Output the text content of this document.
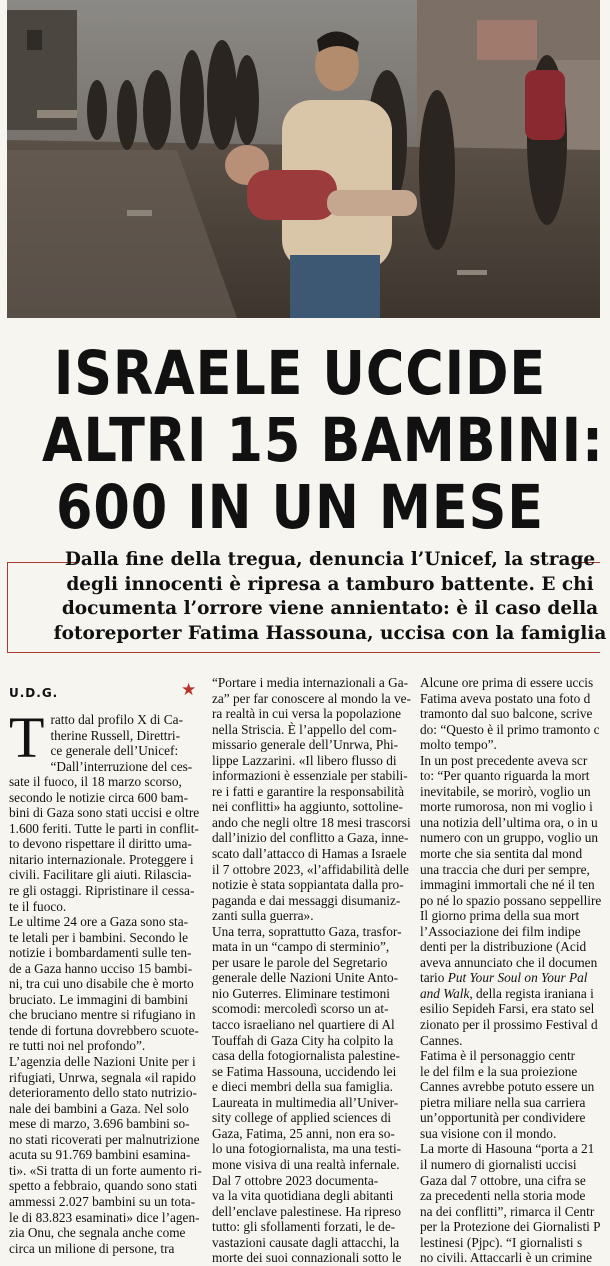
ISRAELE UCCIDE
ALTRI 15 BAMBINI:
600 IN UN MESE
Dalla fine della tregua, denuncia l’Unicef, la strage
degli innocenti è ripresa a tamburo battente. E chi
documenta l’orrore viene annientato: è il caso della
fotoreporter Fatima Hassouna, uccisa con la famiglia
U.D.G.	★
T ratto dal profilo X di Ca-
therine Russell, Direttri-
ce generale dell’Unicef:
“Dall’interruzione del ces-
sate il fuoco, il 18 marzo scorso,
secondo le notizie circa 600 bam-
bini di Gaza sono stati uccisi e oltre
1.600 feriti. Tutte le parti in conflit-
to devono rispettare il diritto uma-
nitario internazionale. Proteggere i
civili. Facilitare gli aiuti. Rilascia-
re gli ostaggi. Ripristinare il cessa-
te il fuoco.
Le ultime 24 ore a Gaza sono sta-
te letali per i bambini. Secondo le
notizie i bombardamenti sulle ten-
de a Gaza hanno ucciso 15 bambi-
ni, tra cui uno disabile che è morto
bruciato. Le immagini di bambini
che bruciano mentre si rifugiano in
tende di fortuna dovrebbero scuote-
re tutti noi nel profondo”.
L’agenzia delle Nazioni Unite per i
rifugiati, Unrwa, segnala «il rapido
deterioramento dello stato nutrizio-
nale dei bambini a Gaza. Nel solo
mese di marzo, 3.696 bambini so-
no stati ricoverati per malnutrizione
acuta su 91.769 bambini esamina-
ti». «Si tratta di un forte aumento ri-
spetto a febbraio, quando sono stati
ammessi 2.027 bambini su un tota-
le di 83.823 esaminati» dice l’agen-
zia Onu, che segnala anche come
circa un milione di persone, tra
“Portare i media internazionali a Ga-
za” per far conoscere al mondo la ve-
ra realtà in cui versa la popolazione
nella Striscia. È l’appello del com-
missario generale dell’Unrwa, Phi-
lippe Lazzarini. «Il libero flusso di
informazioni è essenziale per stabili-
re i fatti e garantire la responsabilità
nei conflitti» ha aggiunto, sottoline-
ando che negli oltre 18 mesi trascorsi
dall’inizio del conflitto a Gaza, inne-
scato dall’attacco di Hamas a Israele
il 7 ottobre 2023, «l’affidabilità delle
notizie è stata soppiantata dalla pro-
paganda e dai messaggi disumaniz-
zanti sulla guerra».
Una terra, soprattutto Gaza, trasfor-
mata in un “campo di sterminio”,
per usare le parole del Segretario
generale delle Nazioni Unite Anto-
nio Guterres. Eliminare testimoni
scomodi: mercoledì scorso un at-
tacco israeliano nel quartiere di Al
Touffah di Gaza City ha colpito la
casa della fotogiornalista palestine-
se Fatima Hassouna, uccidendo lei
e dieci membri della sua famiglia.
Laureata in multimedia all’Univer-
sity college of applied sciences di
Gaza, Fatima, 25 anni, non era so-
lo una fotogiornalista, ma una testi-
mone visiva di una realtà infernale.
Dal 7 ottobre 2023 documenta-
va la vita quotidiana degli abitanti
dell’enclave palestinese. Ha ripreso
tutto: gli sfollamenti forzati, le de-
vastazioni causate dagli attacchi, la
morte dei suoi connazionali sotto le
Alcune ore prima di essere uccis
Fatima aveva postato una foto d
tramonto dal suo balcone, scrive
do: “Questo è il primo tramonto c
molto tempo”.
In un post precedente aveva scr
to: “Per quanto riguarda la mort
inevitabile, se morirò, voglio un
morte rumorosa, non mi voglio i
una notizia dell’ultima ora, o in u
numero con un gruppo, voglio un
morte che sia sentita dal mond
una traccia che duri per sempre,
immagini immortali che né il ten
po né lo spazio possano seppellire
Il giorno prima della sua mort
l’Associazione dei film indipe
denti per la distribuzione (Acid
aveva annunciato che il documen
tario Put Your Soul on Your Pal
and Walk, della regista iraniana i
esilio Sepideh Farsi, era stato sel
zionato per il prossimo Festival d
Cannes.
Fatima è il personaggio centr
le del film e la sua proiezione
Cannes avrebbe potuto essere un
pietra miliare nella sua carriera
un’opportunità per condividere
sua visione con il mondo.
La morte di Hasouna “porta a 21
il numero di giornalisti uccisi
Gaza dal 7 ottobre, una cifra se
za precedenti nella storia mode
na dei conflitti”, rimarca il Centr
per la Protezione dei Giornalisti P
lestinesi (Pjpc). “I giornalisti s
no civili. Attaccarli è un crimine
